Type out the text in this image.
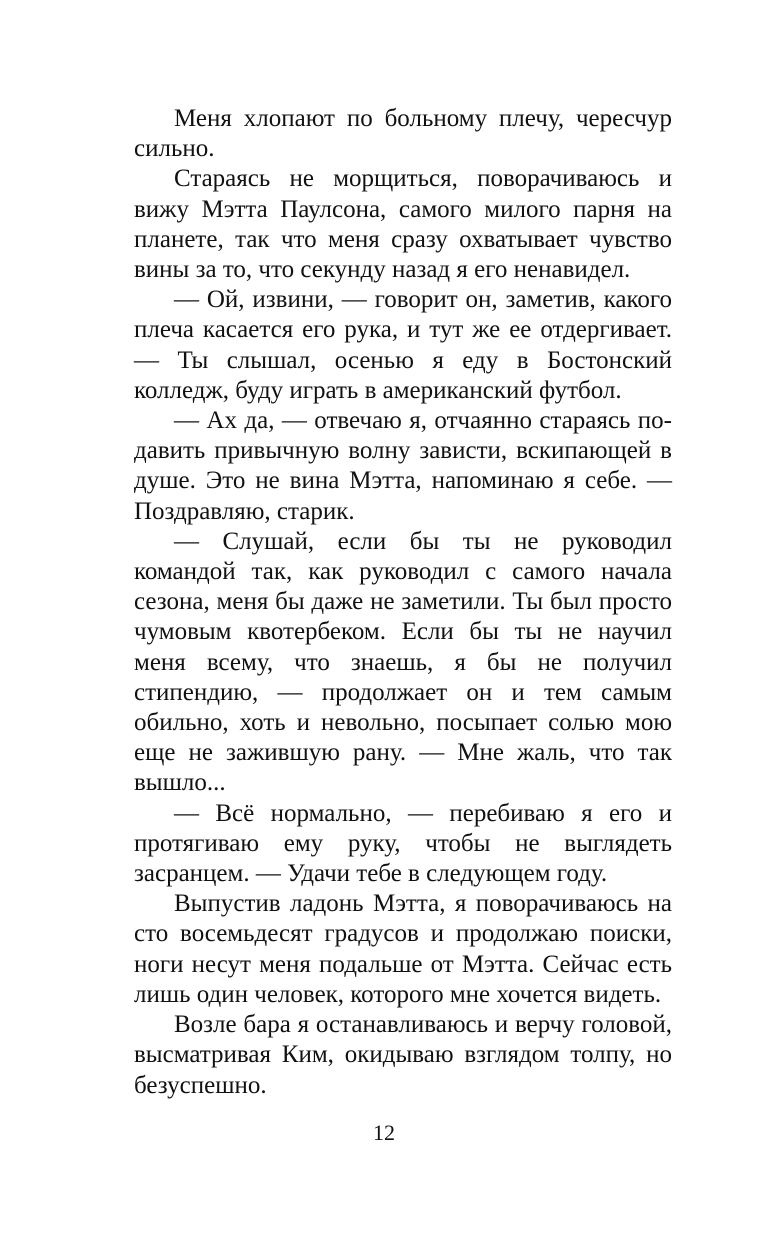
Меня хлопают по больному плечу, чересчур сильно.

Стараясь не морщиться, поворачиваюсь и вижу Мэтта Паулсона, самого милого парня на планете, так что меня сразу охватывает чувство вины за то, что секунду назад я его ненавидел.

— Ой, извини, — говорит он, заметив, какого плеча касается его рука, и тут же ее отдергивает. — Ты слышал, осенью я еду в Бостонский колледж, буду играть в американский футбол.

— Ах да, — отвечаю я, отчаянно стараясь подавить привычную волну зависти, вскипающей в душе. Это не вина Мэтта, напоминаю я себе. — Поздравляю, старик.

— Слушай, если бы ты не руководил командой так, как руководил с самого начала сезона, меня бы даже не заметили. Ты был просто чумовым квотербеком. Если бы ты не научил меня всему, что знаешь, я бы не получил стипендию, — продолжает он и тем самым обильно, хоть и невольно, посыпает солью мою еще не зажившую рану. — Мне жаль, что так вышло...

— Всё нормально, — перебиваю я его и протягиваю ему руку, чтобы не выглядеть засранцем. — Удачи тебе в следующем году.

Выпустив ладонь Мэтта, я поворачиваюсь на сто восемьдесят градусов и продолжаю поиски, ноги несут меня подальше от Мэтта. Сейчас есть лишь один человек, которого мне хочется видеть.

Возле бара я останавливаюсь и верчу головой, высматривая Ким, окидываю взглядом толпу, но безуспешно.

12
